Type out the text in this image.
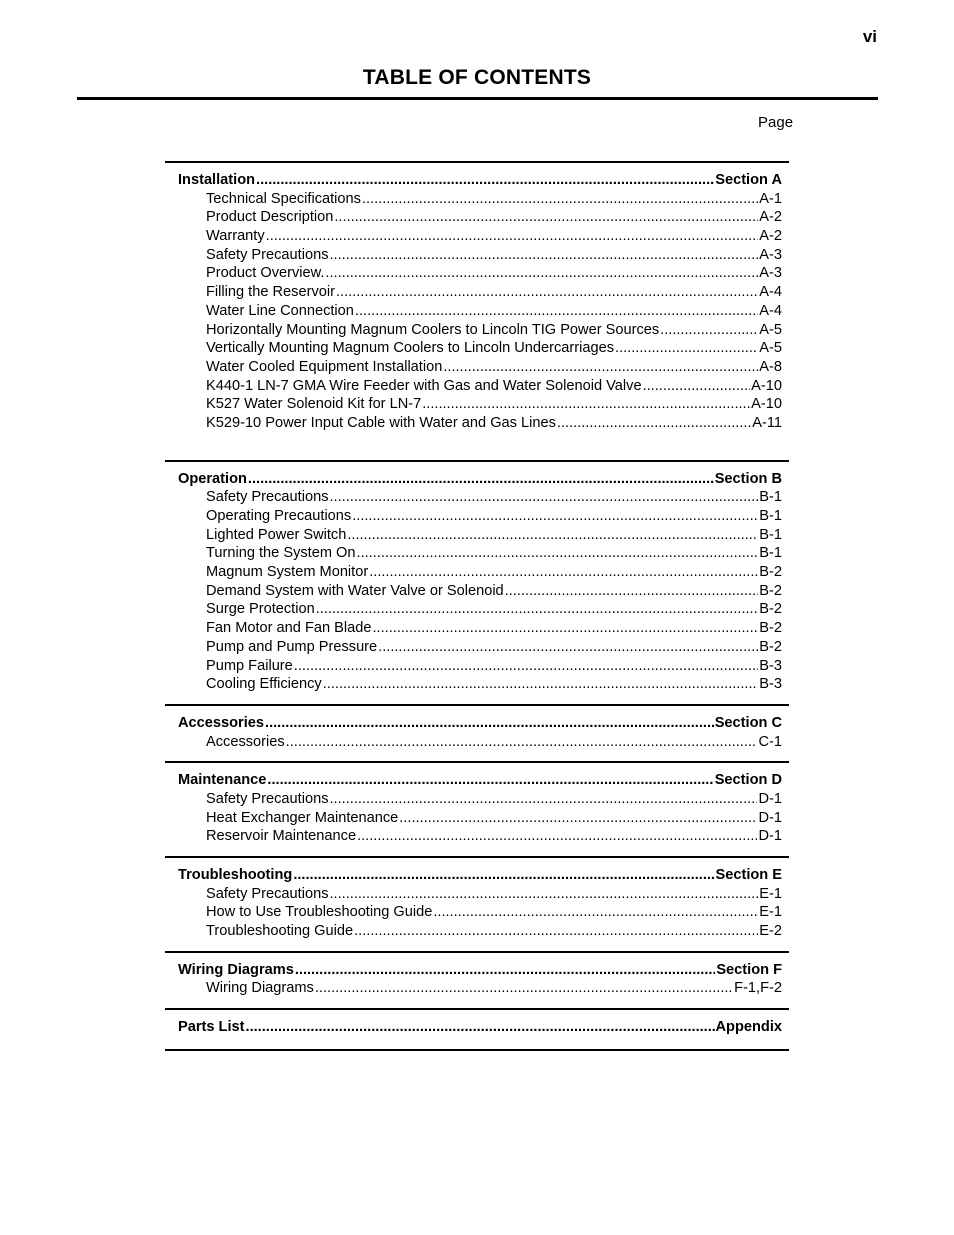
vi
TABLE OF CONTENTS
Page
Installation .....	Section A
Technical Specifications .....	A-1
Product Description .....	A-2
Warranty .....	A-2
Safety Precautions .....	A-3
Product Overview. .....	A-3
Filling the Reservoir .....	A-4
Water Line Connection .....	A-4
Horizontally Mounting Magnum Coolers to Lincoln TIG Power Sources .....	A-5
Vertically Mounting Magnum Coolers to Lincoln Undercarriages .....	A-5
Water Cooled Equipment Installation .....	A-8
K440-1 LN-7 GMA Wire Feeder with Gas and Water Solenoid Valve .....	A-10
K527 Water Solenoid Kit for LN-7 .....	A-10
K529-10 Power Input Cable with Water and Gas Lines .....	A-11
Operation .....	Section B
Safety Precautions .....	B-1
Operating Precautions .....	B-1
Lighted Power Switch .....	B-1
Turning the System On .....	B-1
Magnum System Monitor .....	B-2
Demand System with Water Valve or Solenoid .....	B-2
Surge Protection .....	B-2
Fan Motor and Fan Blade .....	B-2
Pump and Pump Pressure .....	B-2
Pump Failure .....	B-3
Cooling Efficiency .....	B-3
Accessories .....	Section C
Accessories .....	C-1
Maintenance .....	Section D
Safety Precautions .....	D-1
Heat Exchanger Maintenance .....	D-1
Reservoir Maintenance .....	D-1
Troubleshooting .....	Section E
Safety Precautions .....	E-1
How to Use Troubleshooting Guide .....	E-1
Troubleshooting Guide .....	E-2
Wiring Diagrams .....	Section F
Wiring Diagrams .....	F-1,F-2
Parts List .....	Appendix
